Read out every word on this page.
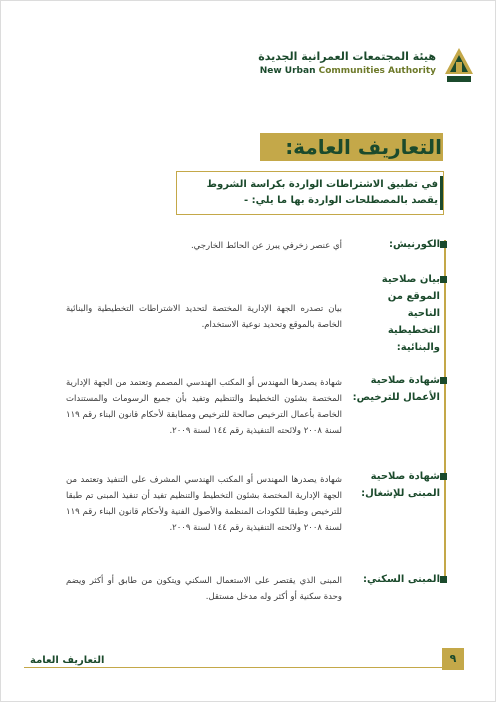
هيئة المجتمعات العمرانية الجديدة
New Urban Communities Authority
التعاريف العامة:
في تطبيق الاشتراطات الواردة بكراسة الشروط
يقصد بالمصطلحات الواردة بها ما يلي: -
الكورنيش:
أي عنصر زخرفي يبرز عن الحائط الخارجي.
بيان صلاحية الموقع من الناحية التخطيطية والبنائية:
بيان تصدره الجهة الإدارية المختصة لتحديد الاشتراطات التخطيطية والبنائية الخاصة بالموقع وتحديد نوعية الاستخدام.
شهادة صلاحية الأعمال للترخيص:
شهادة يصدرها المهندس أو المكتب الهندسي المصمم وتعتمد من الجهة الإدارية المختصة بشئون التخطيط والتنظيم وتفيد بأن جميع الرسومات والمستندات الخاصة بأعمال الترخيص صالحة للترخيص ومطابقة لأحكام قانون البناء رقم ١١٩ لسنة ٢٠٠٨ ولائحته التنفيذية رقم ١٤٤ لسنة ٢٠٠٩.
شهادة صلاحية المبنى للإشغال:
شهادة يصدرها المهندس أو المكتب الهندسي المشرف على التنفيذ وتعتمد من الجهة الإدارية المختصة بشئون التخطيط والتنظيم تفيد أن تنفيذ المبنى تم طبقا للترخيص وطبقا للكودات المنظمة والأصول الفنية ولأحكام قانون البناء رقم ١١٩ لسنة ٢٠٠٨ ولائحته التنفيذية رقم ١٤٤ لسنة ٢٠٠٩.
المبنى السكني:
المبنى الذي يقتصر على الاستعمال السكني ويتكون من طابق أو أكثر ويضم وحدة سكنية أو أكثر وله مدخل مستقل.
التعاريف العامة	٩
